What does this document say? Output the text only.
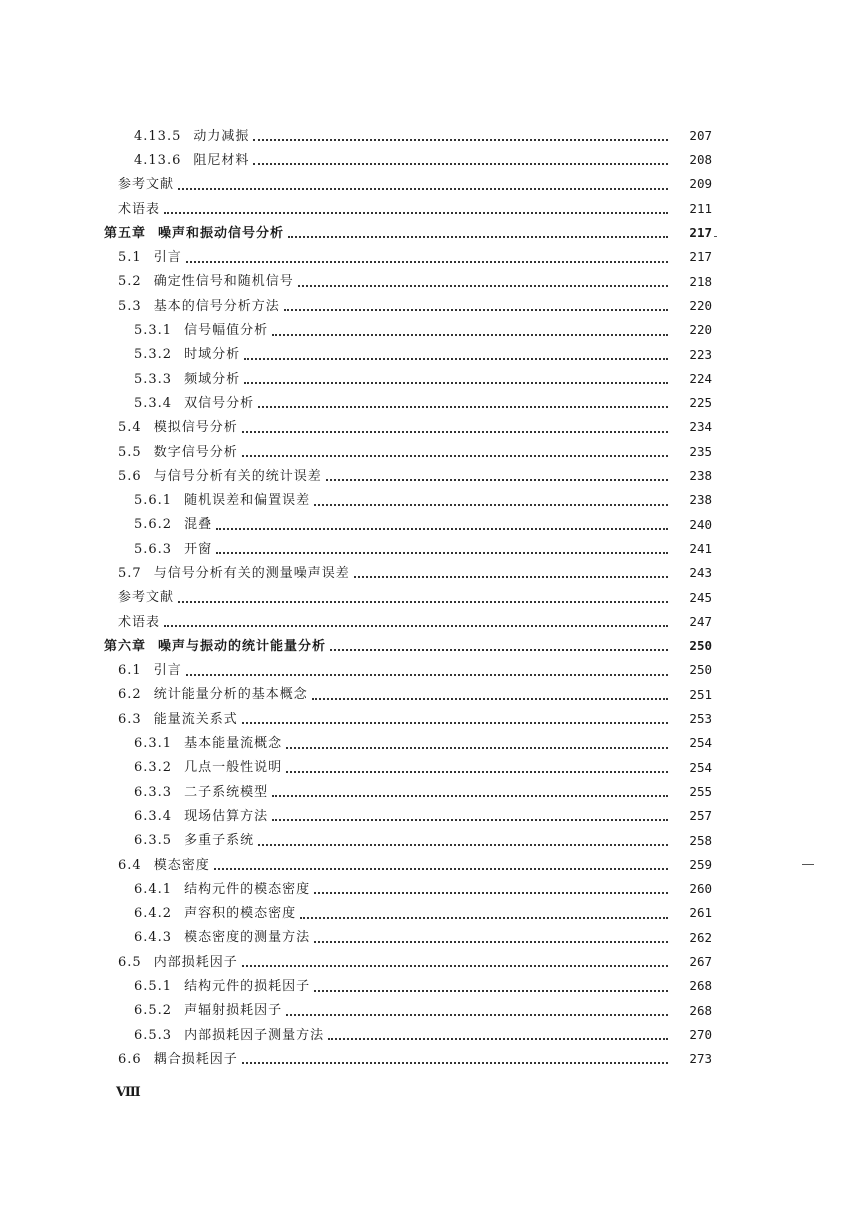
4.13.5 动力减振	207
4.13.6 阻尼材料	208
参考文献	209
术语表	211
第五章 噪声和振动信号分析	217
5.1 引言	217
5.2 确定性信号和随机信号	218
5.3 基本的信号分析方法	220
5.3.1 信号幅值分析	220
5.3.2 时域分析	223
5.3.3 频域分析	224
5.3.4 双信号分析	225
5.4 模拟信号分析	234
5.5 数字信号分析	235
5.6 与信号分析有关的统计误差	238
5.6.1 随机误差和偏置误差	238
5.6.2 混叠	240
5.6.3 开窗	241
5.7 与信号分析有关的测量噪声误差	243
参考文献	245
术语表	247
第六章 噪声与振动的统计能量分析	250
6.1 引言	250
6.2 统计能量分析的基本概念	251
6.3 能量流关系式	253
6.3.1 基本能量流概念	254
6.3.2 几点一般性说明	254
6.3.3 二子系统模型	255
6.3.4 现场估算方法	257
6.3.5 多重子系统	258
6.4 模态密度	259
6.4.1 结构元件的模态密度	260
6.4.2 声容积的模态密度	261
6.4.3 模态密度的测量方法	262
6.5 内部损耗因子	267
6.5.1 结构元件的损耗因子	268
6.5.2 声辐射损耗因子	268
6.5.3 内部损耗因子测量方法	270
6.6 耦合损耗因子	273
Ⅷ
